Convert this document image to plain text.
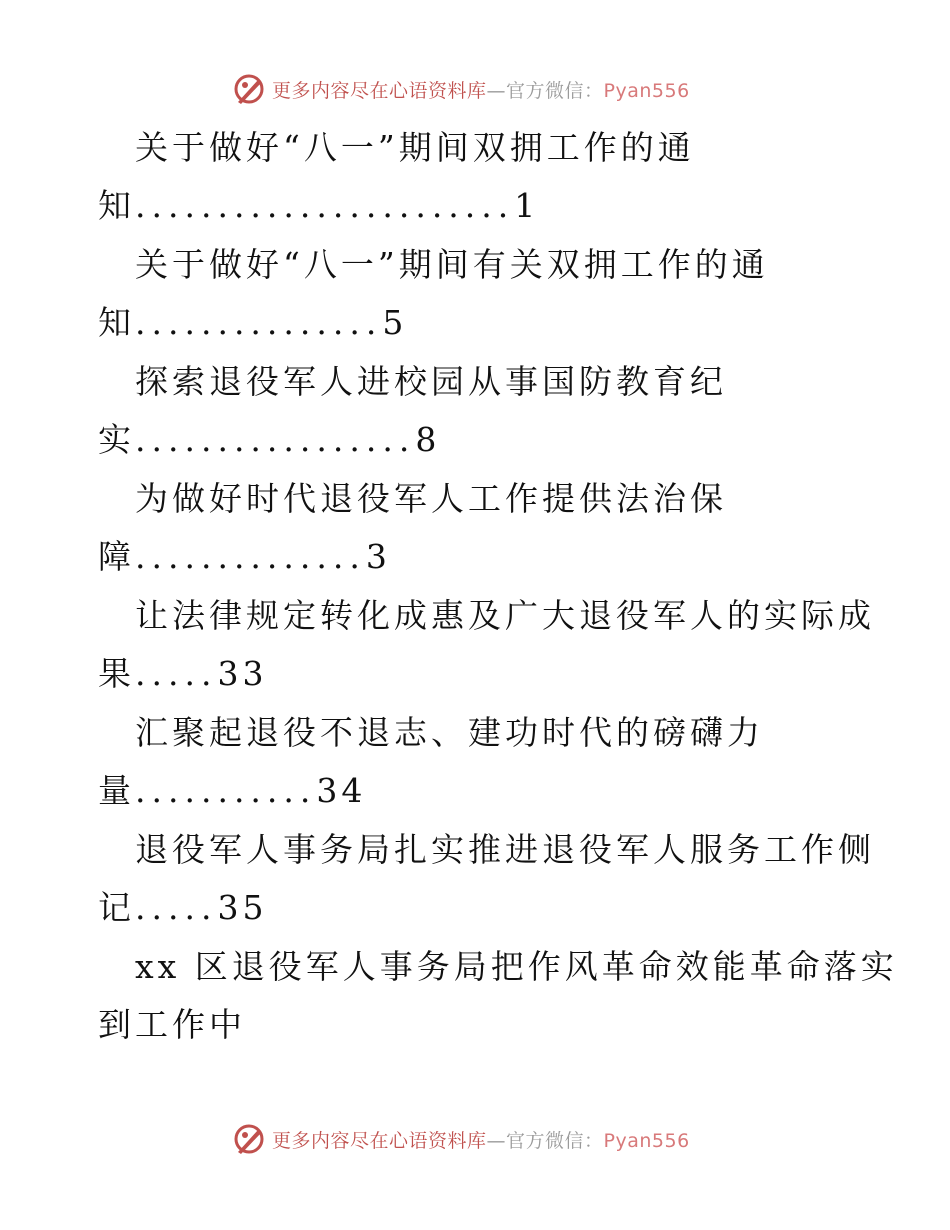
更多内容尽在心语资料库—官方微信：Pyan556
关于做好“八一”期间双拥工作的通
知.......................1
关于做好“八一”期间有关双拥工作的通
知...............5
探索退役军人进校园从事国防教育纪
实.................8
为做好时代退役军人工作提供法治保
障..............3
让法律规定转化成惠及广大退役军人的实际成
果.....33
汇聚起退役不退志、建功时代的磅礴力
量...........34
退役军人事务局扎实推进退役军人服务工作侧
记.....35
xx 区退役军人事务局把作风革命效能革命落实
到工作中
更多内容尽在心语资料库—官方微信：Pyan556
